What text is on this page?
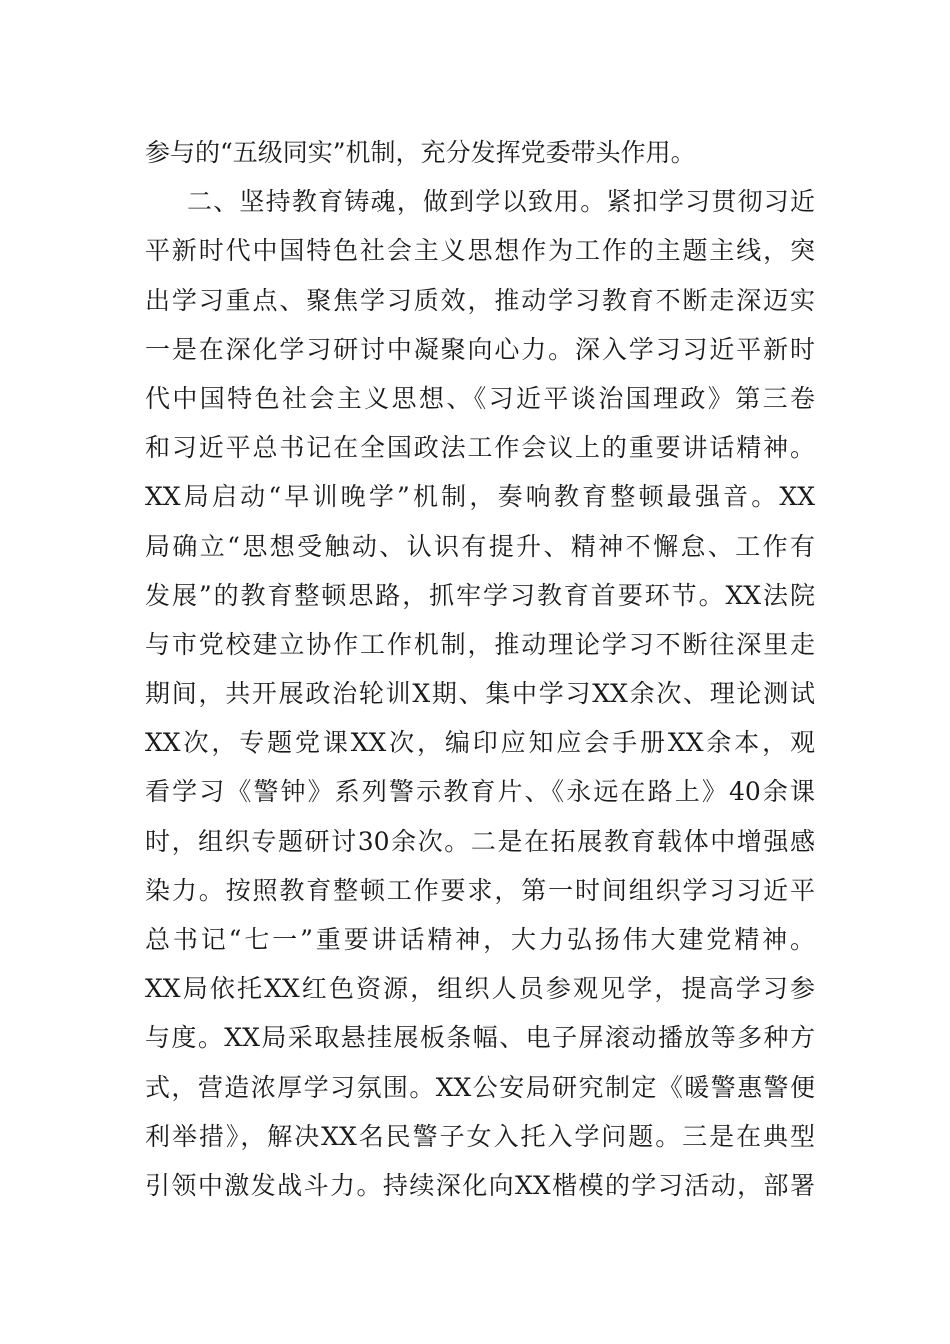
参与的“五级同实”机制，充分发挥党委带头作用。
二、坚持教育铸魂，做到学以致用。紧扣学习贯彻习近
平新时代中国特色社会主义思想作为工作的主题主线，突
出学习重点、聚焦学习质效，推动学习教育不断走深迈实
一是在深化学习研讨中凝聚向心力。深入学习习近平新时
代中国特色社会主义思想、《习近平谈治国理政》第三卷
和习近平总书记在全国政法工作会议上的重要讲话精神。
XX局启动“早训晚学”机制，奏响教育整顿最强音。XX
局确立“思想受触动、认识有提升、精神不懈怠、工作有
发展”的教育整顿思路，抓牢学习教育首要环节。XX法院
与市党校建立协作工作机制，推动理论学习不断往深里走
期间，共开展政治轮训X期、集中学习XX余次、理论测试
XX次，专题党课XX次，编印应知应会手册XX余本，观
看学习《警钟》系列警示教育片、《永远在路上》40余课
时，组织专题研讨30余次。二是在拓展教育载体中增强感
染力。按照教育整顿工作要求，第一时间组织学习习近平
总书记“七一”重要讲话精神，大力弘扬伟大建党精神。
XX局依托XX红色资源，组织人员参观见学，提高学习参
与度。XX局采取悬挂展板条幅、电子屏滚动播放等多种方
式，营造浓厚学习氛围。XX公安局研究制定《暖警惠警便
利举措》，解决XX名民警子女入托入学问题。三是在典型
引领中激发战斗力。持续深化向XX楷模的学习活动，部署
